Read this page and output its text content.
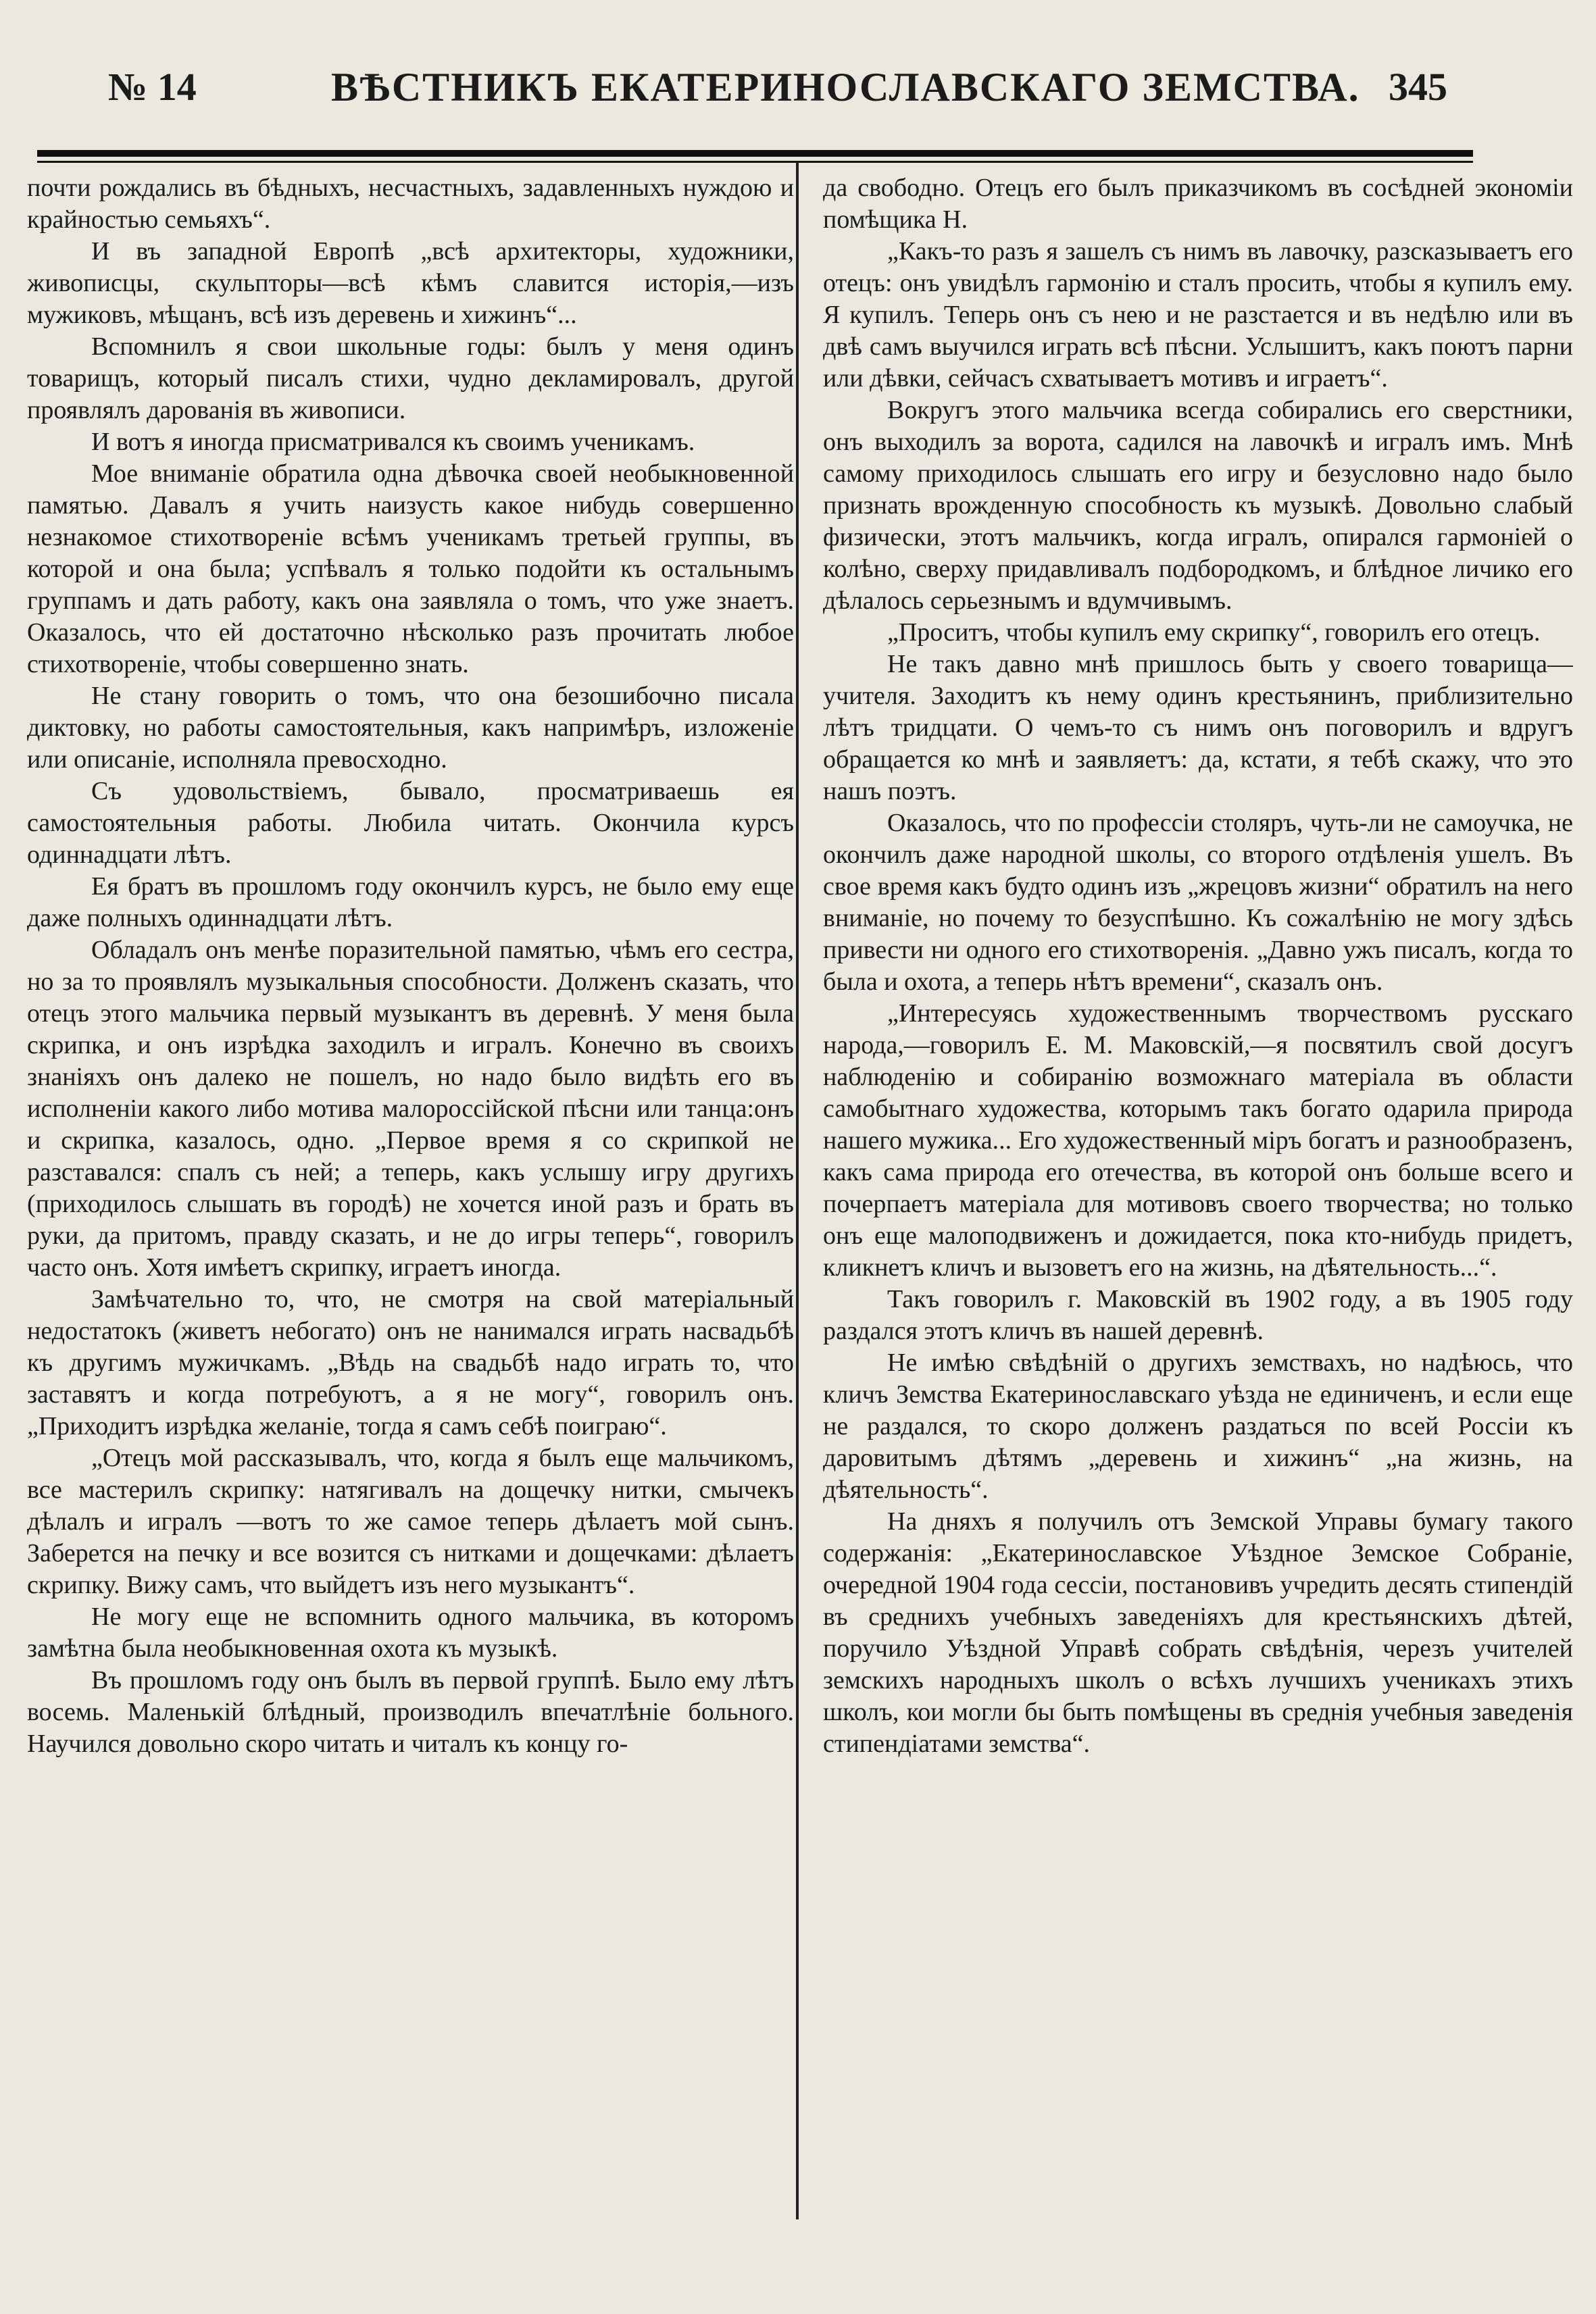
№ 14	ВѢСТНИКЪ ЕКАТЕРИНОСЛАВСКАГО ЗЕМСТВА. 345

почти рождались въ бѣдныхъ, несчастныхъ, задавленныхъ нуждою и крайностью семьяхъ“.

И въ западной Европѣ „всѣ архитекторы, художники, живописцы, скульпторы—всѣ кѣмъ славится исторія,—изъ мужиковъ, мѣщанъ, всѣ изъ деревень и хижинъ“...

Вспомнилъ я свои школьные годы: былъ у меня одинъ товарищъ, который писалъ стихи, чудно декламировалъ, другой проявлялъ дарованія въ живописи.

И вотъ я иногда присматривался къ своимъ ученикамъ.

Мое вниманіе обратила одна дѣвочка своей необыкновенной памятью. Давалъ я учить наизусть какое нибудь совершенно незнакомое стихотвореніе всѣмъ ученикамъ третьей группы, въ которой и она была; успѣвалъ я только подойти къ остальнымъ группамъ и дать работу, какъ она заявляла о томъ, что уже знаетъ. Оказалось, что ей достаточно нѣсколько разъ прочитать любое стихотвореніе, чтобы совершенно знать.

Не стану говорить о томъ, что она безошибочно писала диктовку, но работы самостоятельныя, какъ напримѣръ, изложеніе или описаніе, исполняла превосходно.

Съ удовольствіемъ, бывало, просматриваешь ея самостоятельныя работы. Любила читать. Окончила курсъ одиннадцати лѣтъ.

Ея братъ въ прошломъ году окончилъ курсъ, не было ему еще даже полныхъ одиннадцати лѣтъ.

Обладалъ онъ менѣе поразительной памятью, чѣмъ его сестра, но за то проявлялъ музыкальныя способности. Долженъ сказать, что отецъ этого мальчика первый музыкантъ въ деревнѣ. У меня была скрипка, и онъ изрѣдка заходилъ и игралъ. Конечно въ своихъ знаніяхъ онъ далеко не пошелъ, но надо было видѣть его въ исполненіи какого либо мотива малороссійской пѣсни или танца:онъ и скрипка, казалось, одно. „Первое время я со скрипкой не разставался: спалъ съ ней; а теперь, какъ услышу игру другихъ (приходилось слышать въ городѣ) не хочется иной разъ и брать въ руки, да притомъ, правду сказать, и не до игры теперь“, говорилъ часто онъ. Хотя имѣетъ скрипку, играетъ иногда.

Замѣчательно то, что, не смотря на свой матеріальный недостатокъ (живетъ небогато) онъ не нанимался играть насвадьбѣ къ другимъ мужичкамъ. „Вѣдь на свадьбѣ надо играть то, что заставятъ и когда потребуютъ, а я не могу“, говорилъ онъ. „Приходитъ изрѣдка желаніе, тогда я самъ себѣ поиграю“.

„Отецъ мой рассказывалъ, что, когда я былъ еще мальчикомъ, все мастерилъ скрипку: натягивалъ на дощечку нитки, смычекъ дѣлалъ и игралъ —вотъ то же самое теперь дѣлаетъ мой сынъ. Заберется на печку и все возится съ нитками и дощечками: дѣлаетъ скрипку. Вижу самъ, что выйдетъ изъ него музыкантъ“.

Не могу еще не вспомнить одного мальчика, въ которомъ замѣтна была необыкновенная охота къ музыкѣ.

Въ прошломъ году онъ былъ въ первой группѣ. Было ему лѣтъ восемь. Маленькій блѣдный, производилъ впечатлѣніе больного. Научился довольно скоро читать и читалъ къ концу го-

да свободно. Отецъ его былъ приказчикомъ въ сосѣдней экономіи помѣщика Н.

„Какъ-то разъ я зашелъ съ нимъ въ лавочку, разсказываетъ его отецъ: онъ увидѣлъ гармонію и сталъ просить, чтобы я купилъ ему. Я купилъ. Теперь онъ съ нею и не разстается и въ недѣлю или въ двѣ самъ выучился играть всѣ пѣсни. Услышитъ, какъ поютъ парни или дѣвки, сейчасъ схватываетъ мотивъ и играетъ“.

Вокругъ этого мальчика всегда собирались его сверстники, онъ выходилъ за ворота, садился на лавочкѣ и игралъ имъ. Мнѣ самому приходилось слышать его игру и безусловно надо было признать врожденную способность къ музыкѣ. Довольно слабый физически, этотъ мальчикъ, когда игралъ, опирался гармоніей о колѣно, сверху придавливалъ подбородкомъ, и блѣдное личико его дѣлалось серьезнымъ и вдумчивымъ.

„Проситъ, чтобы купилъ ему скрипку“, говорилъ его отецъ.

Не такъ давно мнѣ пришлось быть у своего товарища—учителя. Заходитъ къ нему одинъ крестьянинъ, приблизительно лѣтъ тридцати. О чемъ-то съ нимъ онъ поговорилъ и вдругъ обращается ко мнѣ и заявляетъ: да, кстати, я тебѣ скажу, что это нашъ поэтъ.

Оказалось, что по профессіи столяръ, чуть-ли не самоучка, не окончилъ даже народной школы, со второго отдѣленія ушелъ. Въ свое время какъ будто одинъ изъ „жрецовъ жизни“ обратилъ на него вниманіе, но почему то безуспѣшно. Къ сожалѣнію не могу здѣсь привести ни одного его стихотворенія. „Давно ужъ писалъ, когда то была и охота, а теперь нѣтъ времени“, сказалъ онъ.

„Интересуясь художественнымъ творчествомъ русскаго народа,—говорилъ Е. М. Маковскій,—я посвятилъ свой досугъ наблюденію и собиранію возможнаго матеріала въ области самобытнаго художества, которымъ такъ богато одарила природа нашего мужика... Его художественный міръ богатъ и разнообразенъ, какъ сама природа его отечества, въ которой онъ больше всего и почерпаетъ матеріала для мотивовъ своего творчества; но только онъ еще малоподвиженъ и дожидается, пока кто-нибудь придетъ, кликнетъ кличъ и вызоветъ его на жизнь, на дѣятельность...“.

Такъ говорилъ г. Маковскій въ 1902 году, а въ 1905 году раздался этотъ кличъ въ нашей деревнѣ.

Не имѣю свѣдѣній о другихъ земствахъ, но надѣюсь, что кличъ Земства Екатеринославскаго уѣзда не единиченъ, и если еще не раздался, то скоро долженъ раздаться по всей Россіи къ даровитымъ дѣтямъ „деревень и хижинъ“ „на жизнь, на дѣятельность“.

На дняхъ я получилъ отъ Земской Управы бумагу такого содержанія: „Екатеринославское Уѣздное Земское Собраніе, очередной 1904 года сессіи, постановивъ учредить десять стипендій въ среднихъ учебныхъ заведеніяхъ для крестьянскихъ дѣтей, поручило Уѣздной Управѣ собрать свѣдѣнія, черезъ учителей земскихъ народныхъ школъ о всѣхъ лучшихъ ученикахъ этихъ школъ, кои могли бы быть помѣщены въ среднія учебныя заведенія стипендіатами земства“.
